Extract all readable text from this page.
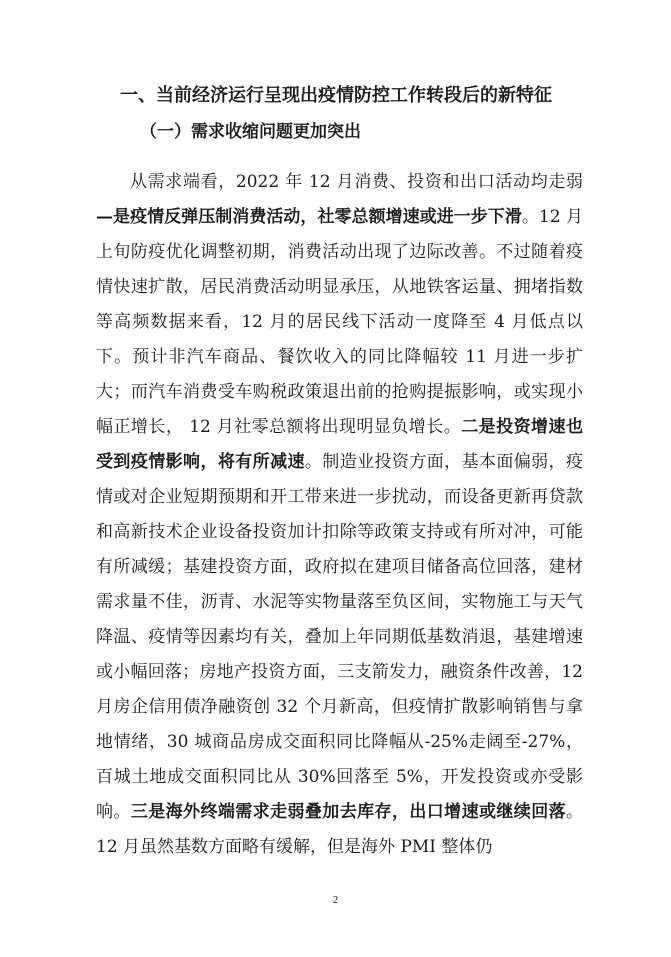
一、当前经济运行呈现出疫情防控工作转段后的新特征
（一）需求收缩问题更加突出

从需求端看，2022 年 12 月消费、投资和出口活动均走弱—是疫情反弹压制消费活动，社零总额增速或进一步下滑。12 月上旬防疫优化调整初期，消费活动出现了边际改善。不过随着疫情快速扩散，居民消费活动明显承压，从地铁客运量、拥堵指数等高频数据来看，12 月的居民线下活动一度降至 4 月低点以下。预计非汽车商品、餐饮收入的同比降幅较 11 月进一步扩大；而汽车消费受车购税政策退出前的抢购提振影响，或实现小幅正增长， 12 月社零总额将出现明显负增长。二是投资增速也受到疫情影响，将有所减速。制造业投资方面，基本面偏弱，疫情或对企业短期预期和开工带来进一步扰动，而设备更新再贷款和高新技术企业设备投资加计扣除等政策支持或有所对冲，可能有所减缓；基建投资方面，政府拟在建项目储备高位回落，建材需求量不佳，沥青、水泥等实物量落至负区间，实物施工与天气降温、疫情等因素均有关，叠加上年同期低基数消退，基建增速或小幅回落；房地产投资方面，三支箭发力，融资条件改善，12 月房企信用债净融资创 32 个月新高，但疫情扩散影响销售与拿地情绪，30 城商品房成交面积同比降幅从-25%走阔至-27%，百城土地成交面积同比从 30%回落至 5%，开发投资或亦受影响。三是海外终端需求走弱叠加去库存，出口增速或继续回落。12 月虽然基数方面略有缓解，但是海外 PMI 整体仍

2
